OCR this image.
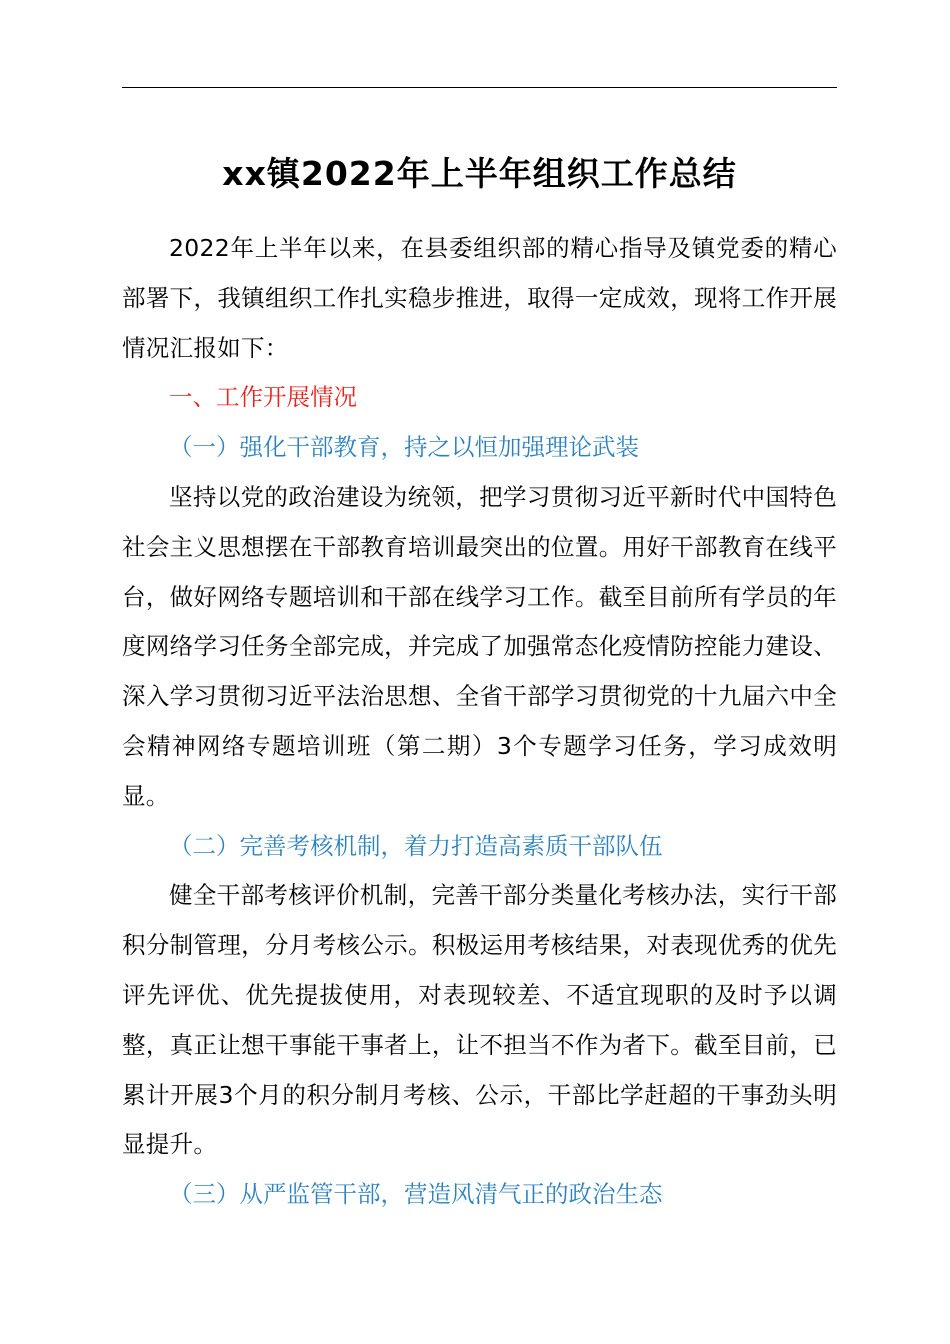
xx镇2022年上半年组织工作总结

2022年上半年以来，在县委组织部的精心指导及镇党委的精心部署下，我镇组织工作扎实稳步推进，取得一定成效，现将工作开展情况汇报如下：

一、工作开展情况

（一）强化干部教育，持之以恒加强理论武装

坚持以党的政治建设为统领，把学习贯彻习近平新时代中国特色社会主义思想摆在干部教育培训最突出的位置。用好干部教育在线平台，做好网络专题培训和干部在线学习工作。截至目前所有学员的年度网络学习任务全部完成，并完成了加强常态化疫情防控能力建设、深入学习贯彻习近平法治思想、全省干部学习贯彻党的十九届六中全会精神网络专题培训班（第二期）3个专题学习任务，学习成效明显。

（二）完善考核机制，着力打造高素质干部队伍

健全干部考核评价机制，完善干部分类量化考核办法，实行干部积分制管理，分月考核公示。积极运用考核结果，对表现优秀的优先评先评优、优先提拔使用，对表现较差、不适宜现职的及时予以调整，真正让想干事能干事者上，让不担当不作为者下。截至目前，已累计开展3个月的积分制月考核、公示，干部比学赶超的干事劲头明显提升。

（三）从严监管干部，营造风清气正的政治生态
